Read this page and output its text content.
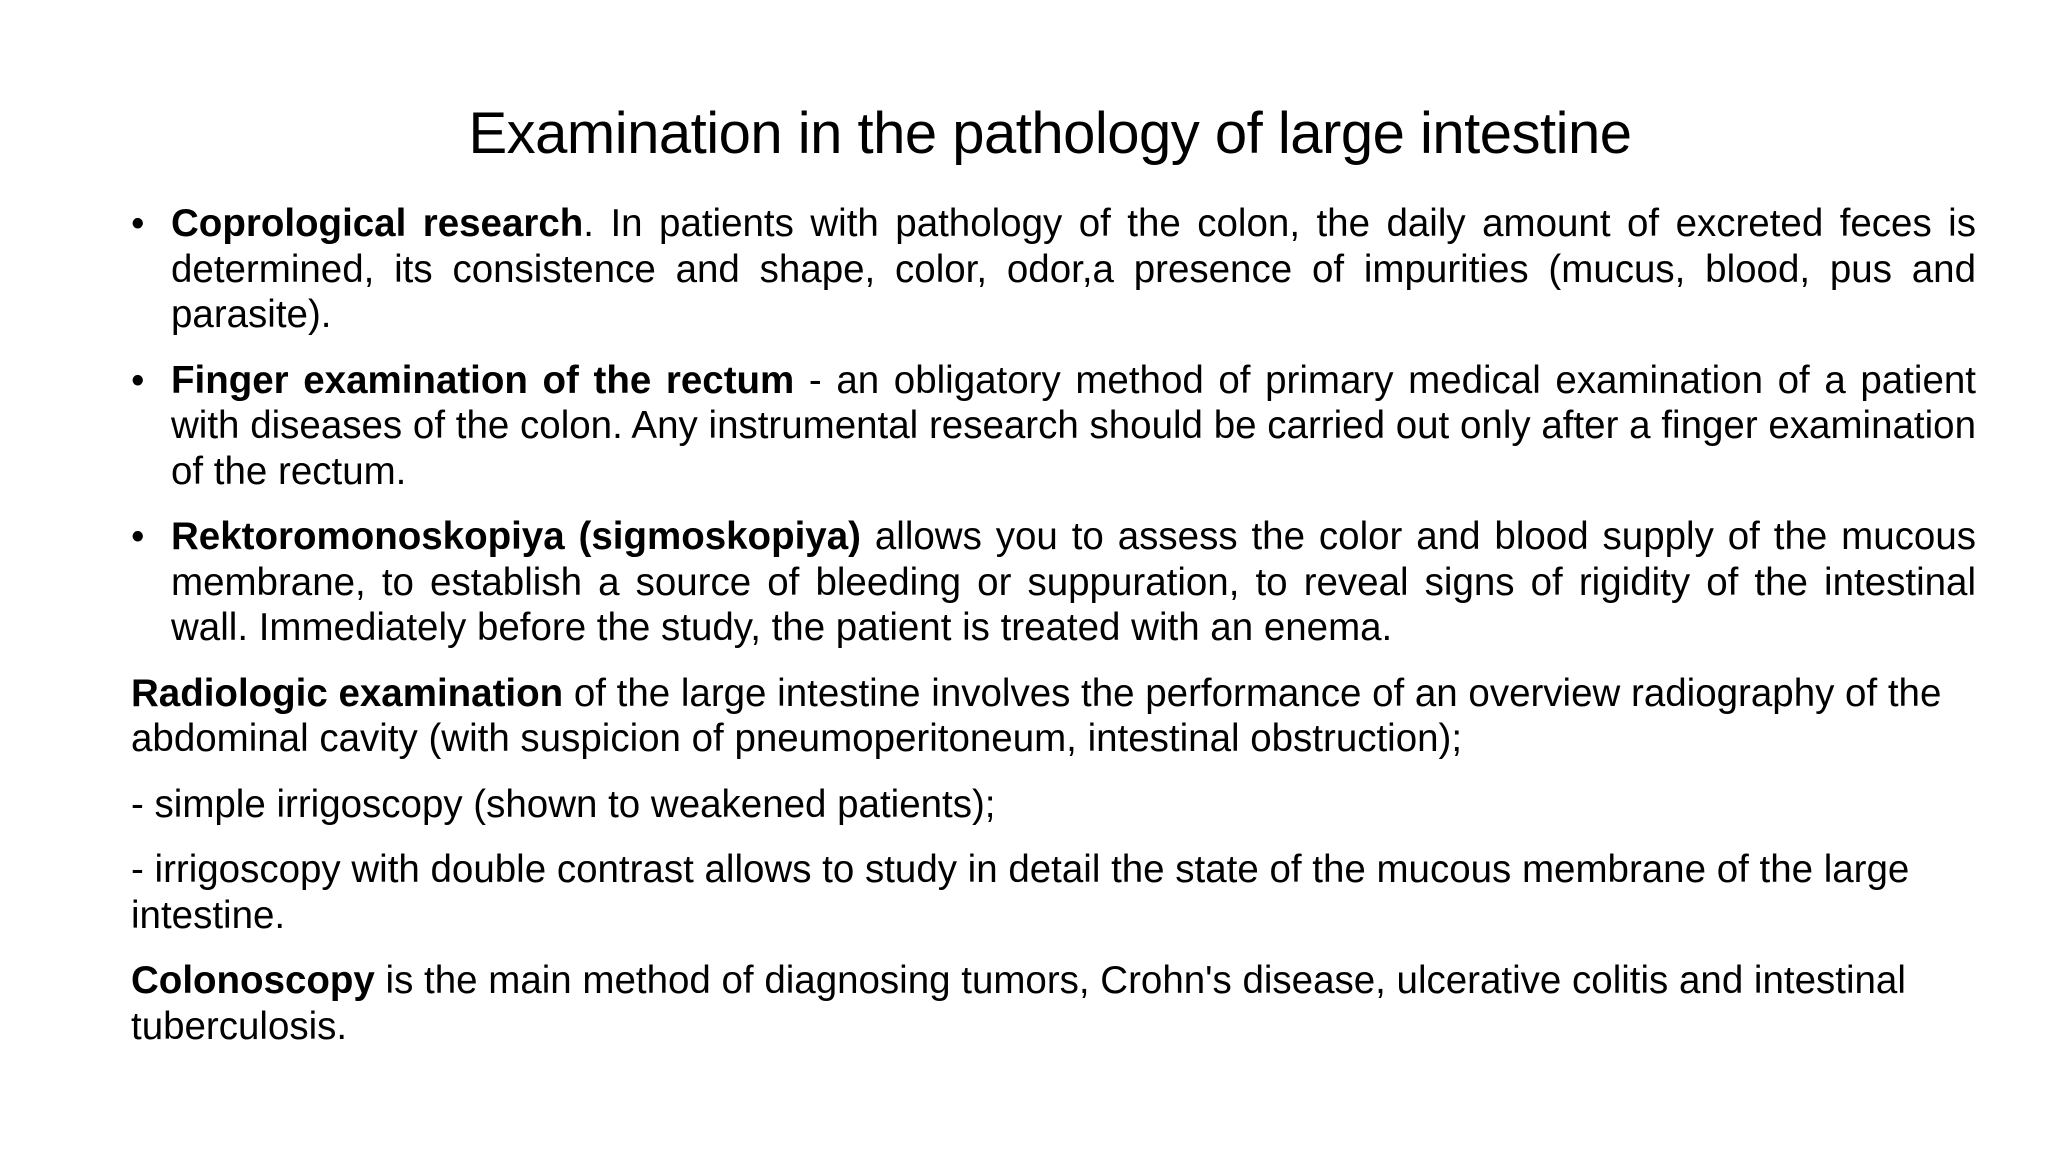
Examination in the pathology of large intestine
• Coprological research. In patients with pathology of the colon, the daily amount of excreted feces is determined, its consistence and shape, color, odor,a presence of impurities (mucus, blood, pus and parasite).
• Finger examination of the rectum - an obligatory method of primary medical examination of a patient with diseases of the colon. Any instrumental research should be carried out only after a finger examination of the rectum.
• Rektoromonoskopiya (sigmoskopiya) allows you to assess the color and blood supply of the mucous membrane, to establish a source of bleeding or suppuration, to reveal signs of rigidity of the intestinal wall. Immediately before the study, the patient is treated with an enema.
Radiologic examination of the large intestine involves the performance of an overview radiography of the abdominal cavity (with suspicion of pneumoperitoneum, intestinal obstruction);
- simple irrigoscopy (shown to weakened patients);
- irrigoscopy with double contrast allows to study in detail the state of the mucous membrane of the large intestine.
Colonoscopy is the main method of diagnosing tumors, Crohn's disease, ulcerative colitis and intestinal tuberculosis.
